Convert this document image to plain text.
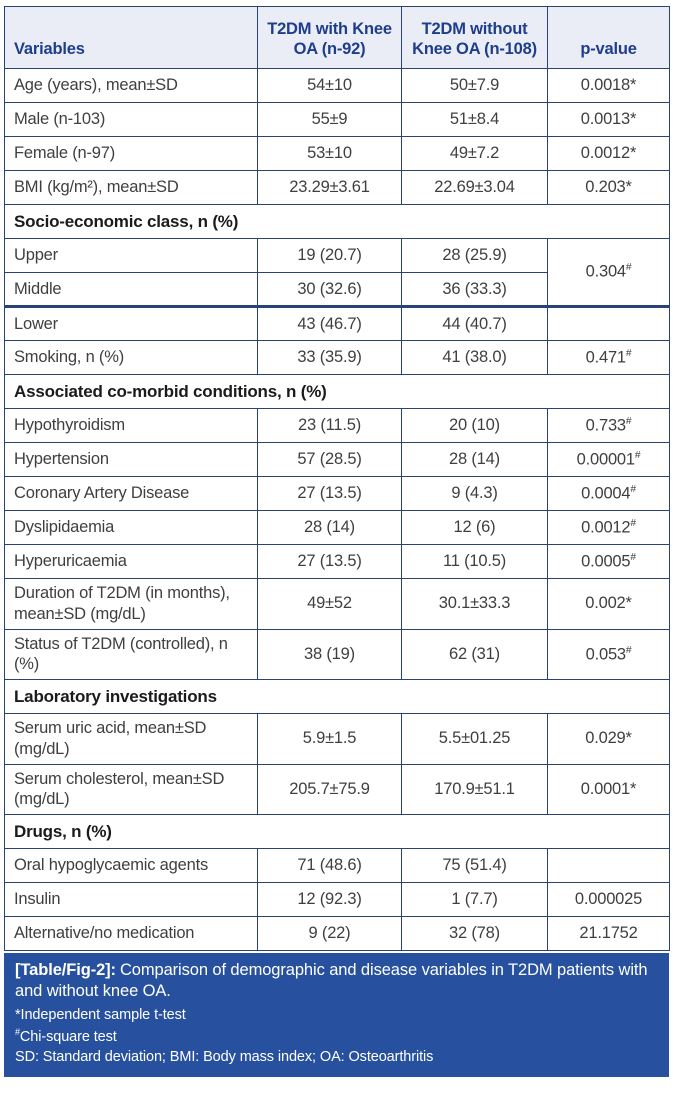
Variables	T2DM with Knee OA (n-92)	T2DM without Knee OA (n-108)	p-value
Age (years), mean±SD	54±10	50±7.9	0.0018*
Male (n-103)	55±9	51±8.4	0.0013*
Female (n-97)	53±10	49±7.2	0.0012*
BMI (kg/m²), mean±SD	23.29±3.61	22.69±3.04	0.203*
Socio-economic class, n (%)			
Upper	19 (20.7)	28 (25.9)	0.304#
Middle	30 (32.6)	36 (33.3)	
Lower	43 (46.7)	44 (40.7)	
Smoking, n (%)	33 (35.9)	41 (38.0)	0.471#
Associated co-morbid conditions, n (%)			
Hypothyroidism	23 (11.5)	20 (10)	0.733#
Hypertension	57 (28.5)	28 (14)	0.00001#
Coronary Artery Disease	27 (13.5)	9 (4.3)	0.0004#
Dyslipidaemia	28 (14)	12 (6)	0.0012#
Hyperuricaemia	27 (13.5)	11 (10.5)	0.0005#
Duration of T2DM (in months), mean±SD (mg/dL)	49±52	30.1±33.3	0.002*
Status of T2DM (controlled), n (%)	38 (19)	62 (31)	0.053#
Laboratory investigations			
Serum uric acid, mean±SD (mg/dL)	5.9±1.5	5.5±01.25	0.029*
Serum cholesterol, mean±SD (mg/dL)	205.7±75.9	170.9±51.1	0.0001*
Drugs, n (%)			
Oral hypoglycaemic agents	71 (48.6)	75 (51.4)	
Insulin	12 (92.3)	1 (7.7)	0.000025
Alternative/no medication	9 (22)	32 (78)	21.1752
[Table/Fig-2]: Comparison of demographic and disease variables in T2DM patients with and without knee OA.
*Independent sample t-test
#Chi-square test
SD: Standard deviation; BMI: Body mass index; OA: Osteoarthritis
